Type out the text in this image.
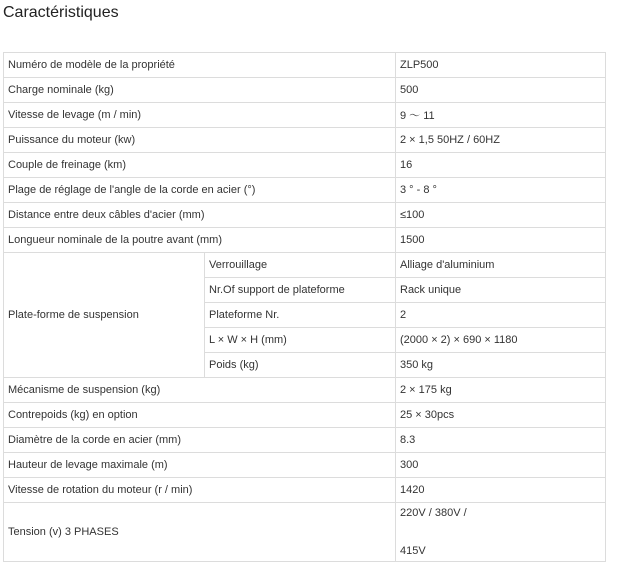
Caractéristiques
Numéro de modèle de la propriété		ZLP500
Charge nominale (kg)		500
Vitesse de levage (m / min)		9 ～ 11
Puissance du moteur (kw)		2 × 1,5 50HZ / 60HZ
Couple de freinage (km)		16
Plage de réglage de l'angle de la corde en acier (°)		3 ° - 8 °
Distance entre deux câbles d'acier (mm)		≤100
Longueur nominale de la poutre avant (mm)		1500
Plate-forme de suspension	Verrouillage	Alliage d'aluminium
	Nr.Of support de plateforme	Rack unique
	Plateforme Nr.	2
	L × W × H (mm)	(2000 × 2) × 690 × 1180
	Poids (kg)	350 kg
Mécanisme de suspension (kg)		2 × 175 kg
Contrepoids (kg) en option		25 × 30pcs
Diamètre de la corde en acier (mm)		8.3
Hauteur de levage maximale (m)		300
Vitesse de rotation du moteur (r / min)		1420
Tension (v) 3 PHASES		220V / 380V /
415V
